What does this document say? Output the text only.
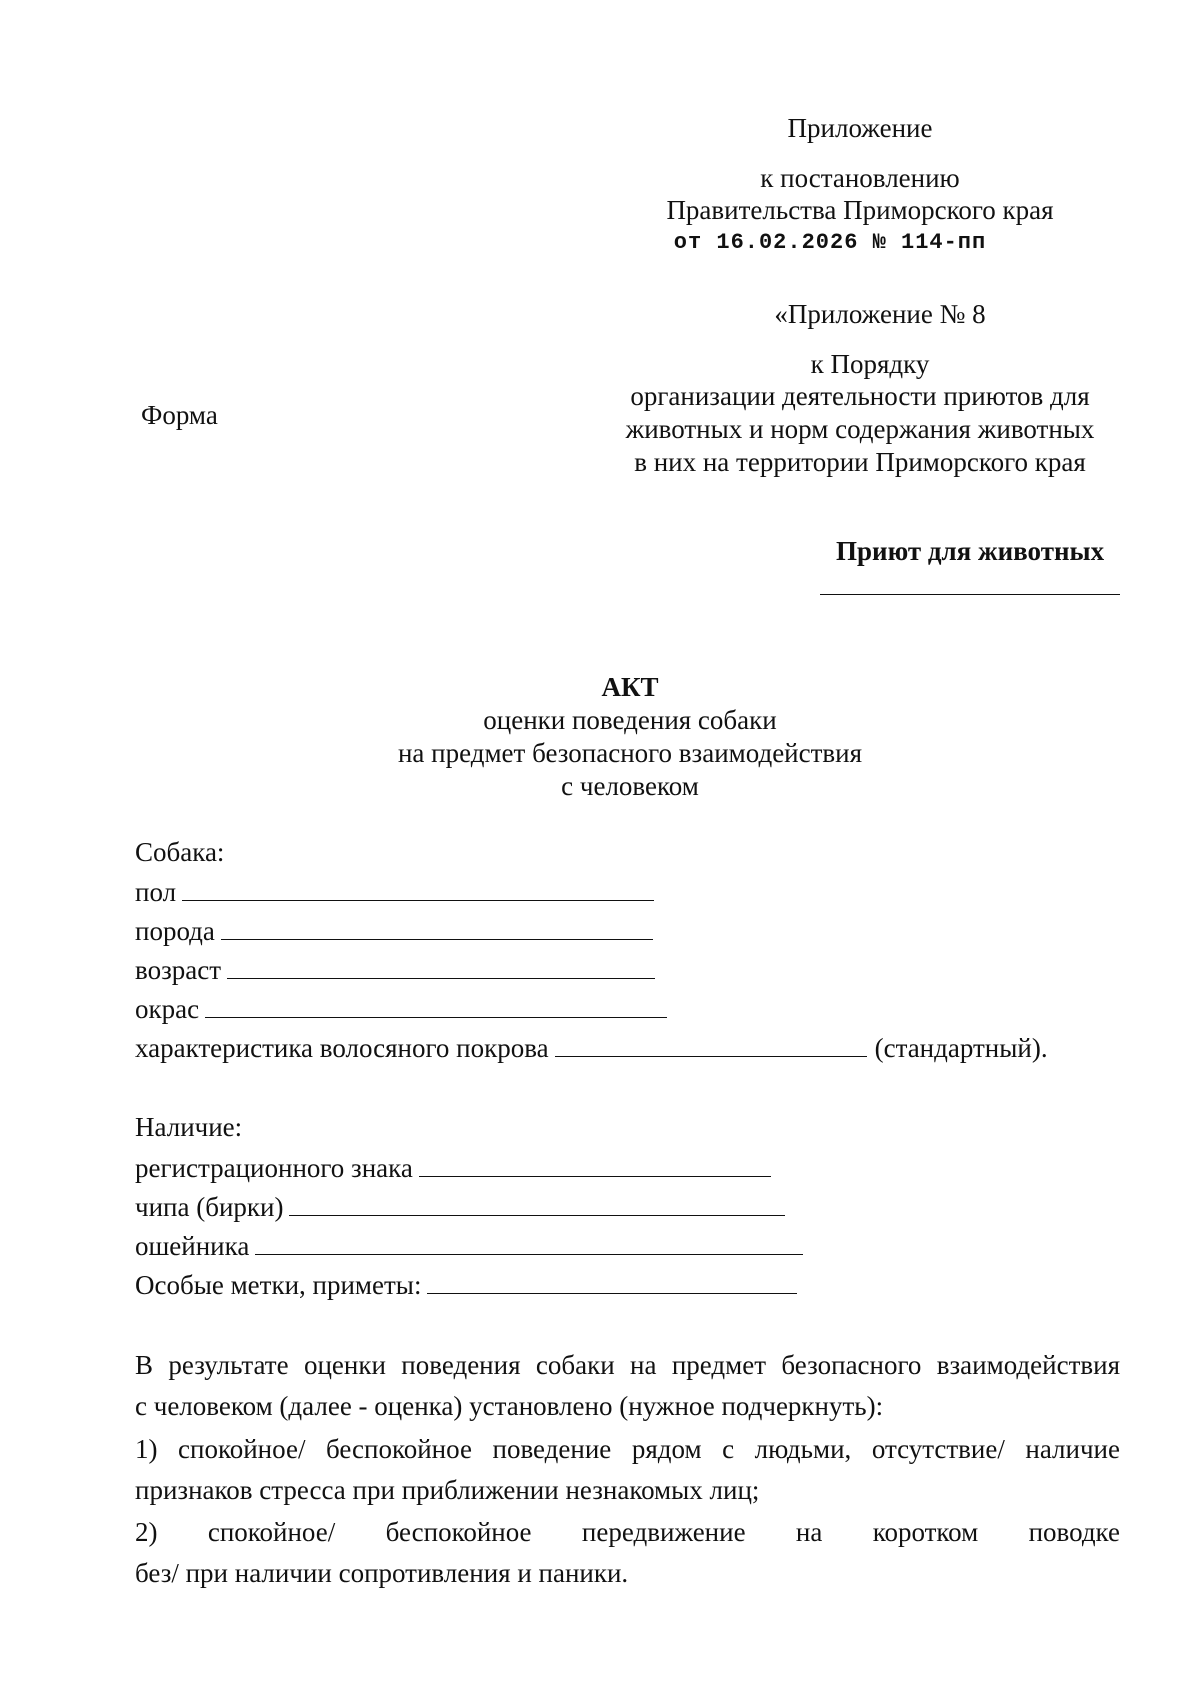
Приложение
к постановлению
Правительства Приморского края
от 16.02.2026 № 114-пп
«Приложение № 8
к Порядку
организации деятельности приютов для
животных и норм содержания животных
в них на территории Приморского края
Форма
Приют для животных
АКТ
оценки поведения собаки
на предмет безопасного взаимодействия
с человеком
Собака:
пол
порода
возраст
окрас
характеристика волосяного покрова	(стандартный).
Наличие:
регистрационного знака
чипа (бирки)
ошейника
Особые метки, приметы:
В результате оценки поведения собаки на предмет безопасного взаимодействия
с человеком (далее - оценка) установлено (нужное подчеркнуть):
1) спокойное/ беспокойное поведение рядом с людьми, отсутствие/ наличие
признаков стресса при приближении незнакомых лиц;
2) спокойное/ беспокойное передвижение на коротком поводке
без/ при наличии сопротивления и паники.
